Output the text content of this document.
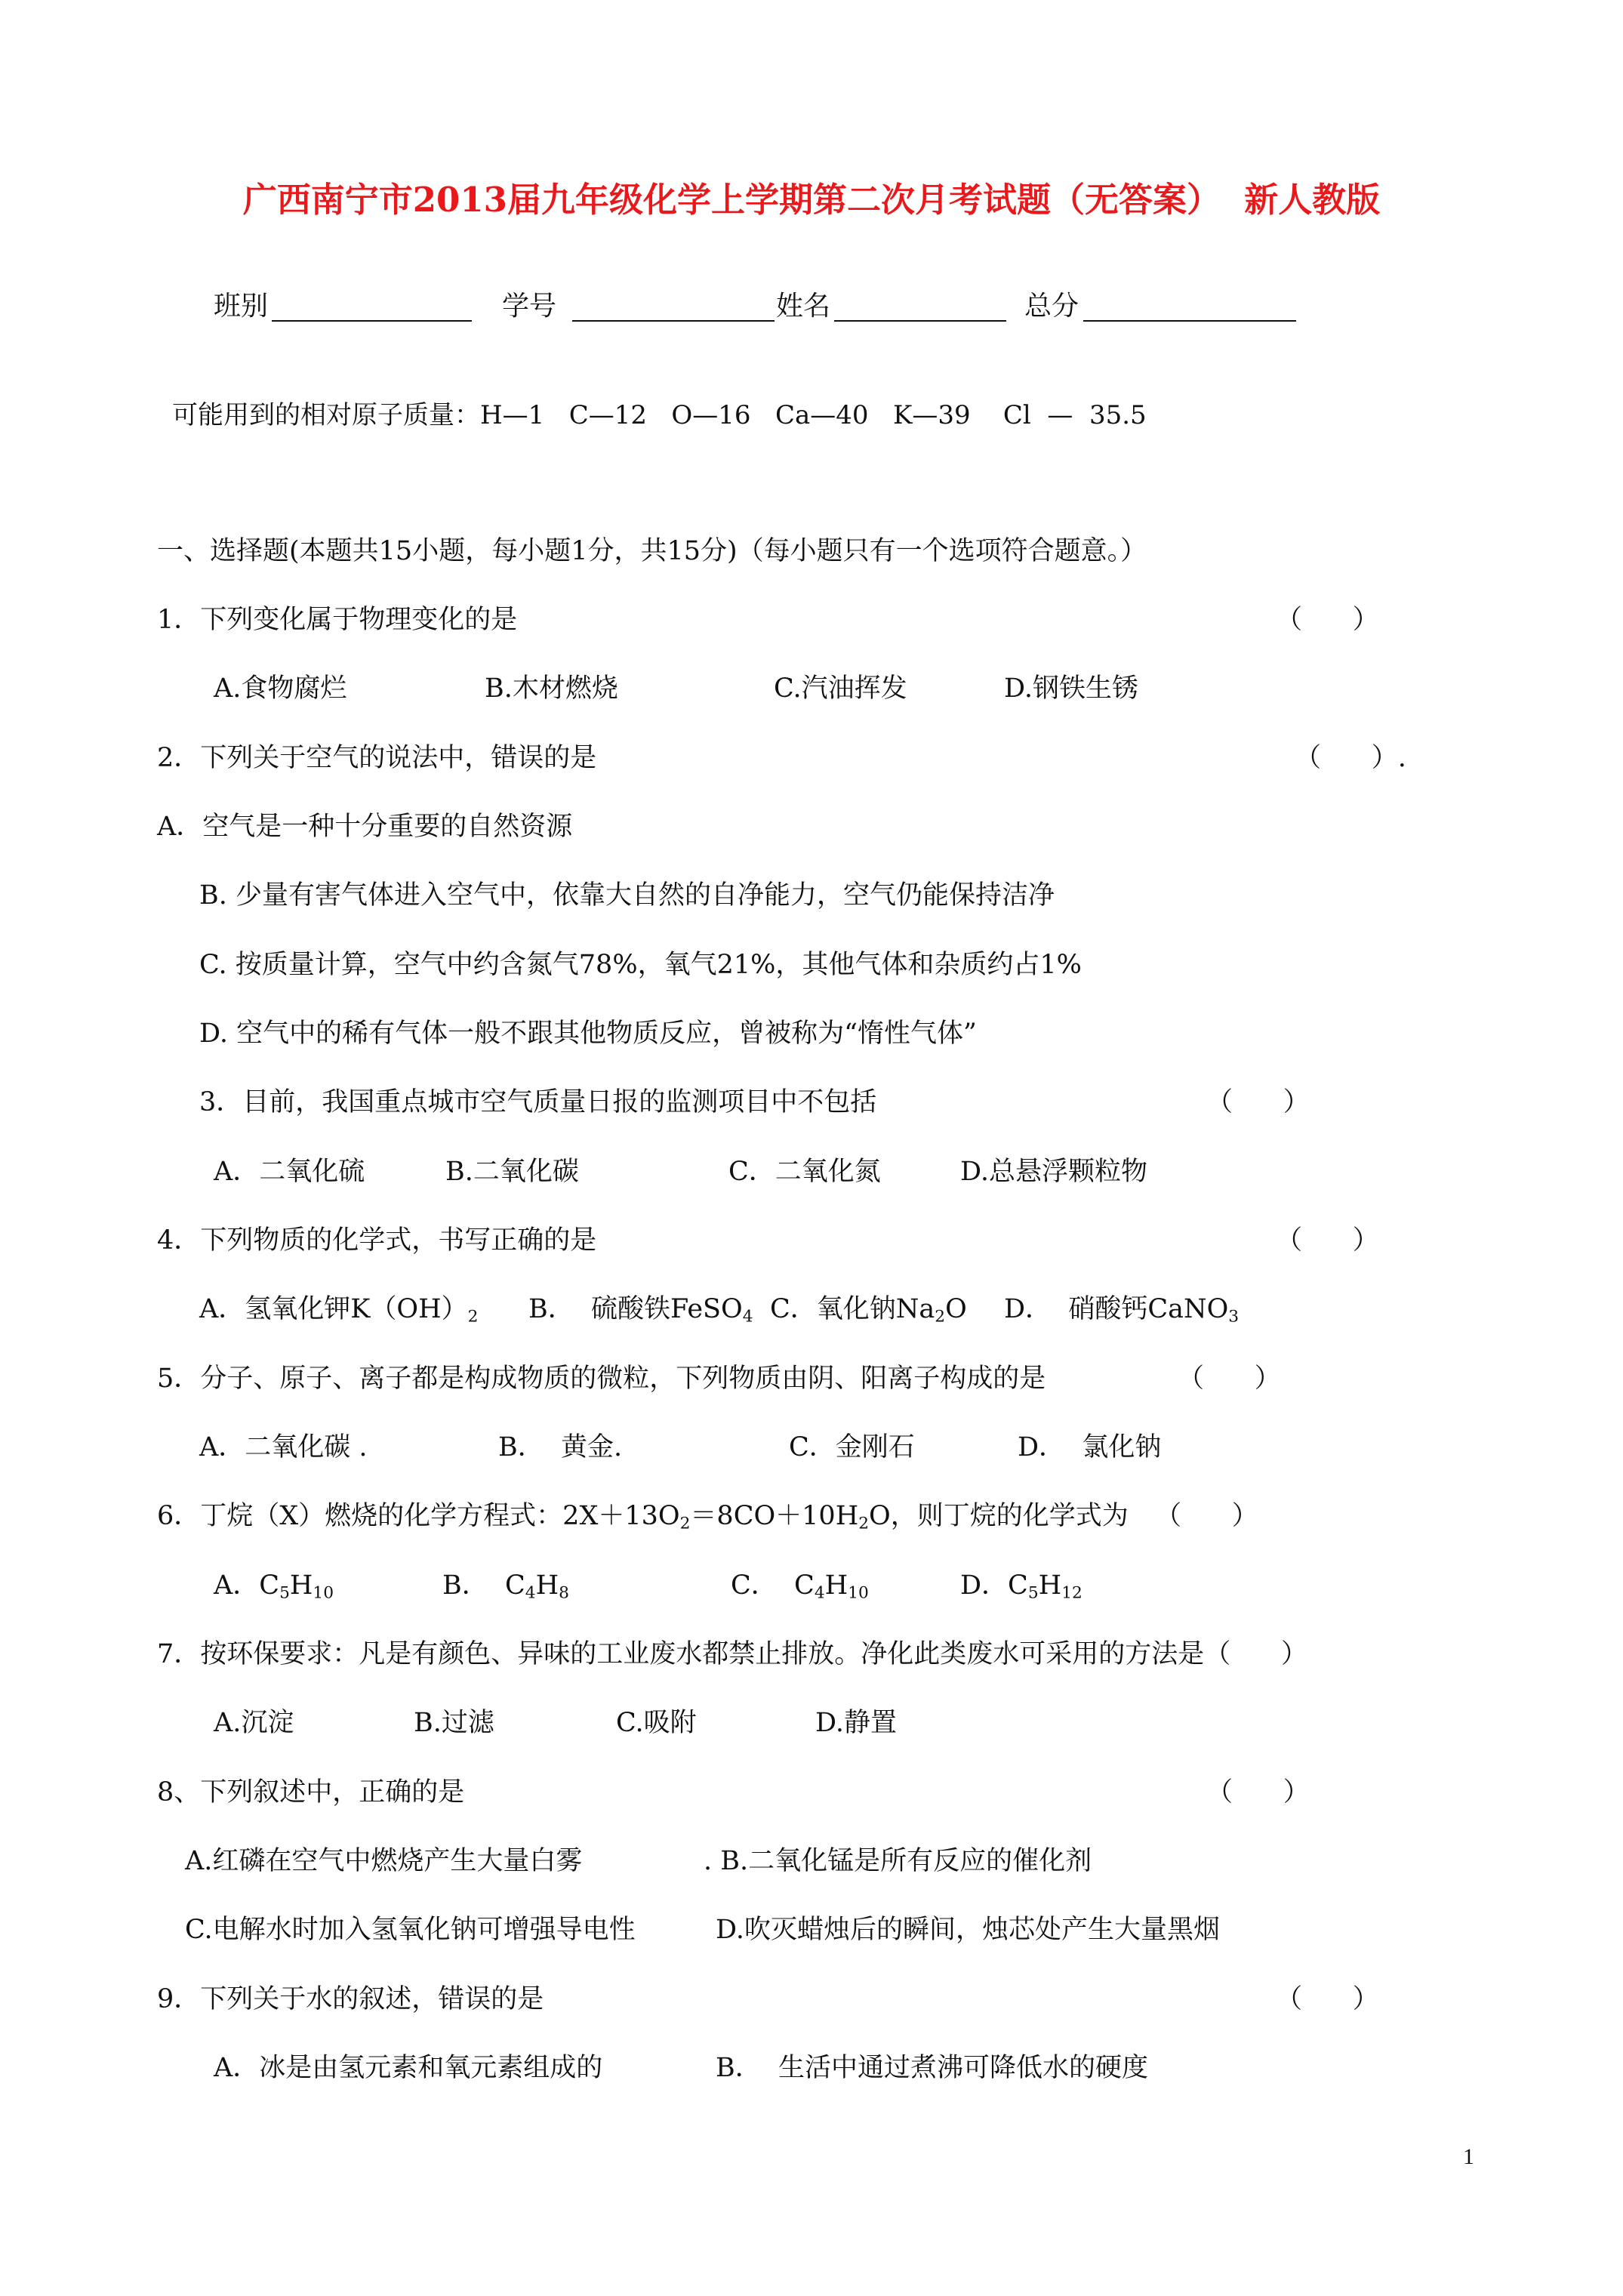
广西南宁市2013届九年级化学上学期第二次月考试题（无答案）  新人教版
班别	学号	姓名	总分
可能用到的相对原子质量：H—1   C—12   O—16   Ca—40   K—39    Cl  —  35.5
一、选择题(本题共15小题，每小题1分，共15分)（每小题只有一个选项符合题意。）
1．下列变化属于物理变化的是	（      ）
A.食物腐烂	B.木材燃烧	C.汽油挥发	D.钢铁生锈
2．下列关于空气的说法中，错误的是	（      ）.
A．空气是一种十分重要的自然资源
B. 少量有害气体进入空气中，依靠大自然的自净能力，空气仍能保持洁净
C. 按质量计算，空气中约含氮气78%，氧气21%，其他气体和杂质约占1%
D. 空气中的稀有气体一般不跟其他物质反应，曾被称为“惰性气体”
3．目前，我国重点城市空气质量日报的监测项目中不包括	（      ）
A．二氧化硫	B.二氧化碳	C．二氧化氮	D.总悬浮颗粒物
4．下列物质的化学式，书写正确的是	（      ）
A．氢氧化钾$K(OH)_2$ B．  硫酸铁FeSO$_4$ C．氧化钠$Na_2O$ D．  硝酸钙CaNO$_3$
5．分子、原子、离子都是构成物质的微粒，下列物质由阴、阳离子构成的是	（      ）
A．二氧化碳 .	B．  黄金.	C．金刚石	D．  氯化钠
6．丁烷（X）燃烧的化学方程式：$2X+13O_2=8CO+10H_2O$，则丁烷的化学式为 （      ）
A．$C_5H_{10}$	B．  $C_4H_8$	C．  $C_4H_{10}$	D．$C_5H_{12}$
7．按环保要求：凡是有颜色、异味的工业废水都禁止排放。净化此类废水可采用的方法是（      ）
A.沉淀	B.过滤	C.吸附	D.静置
8、下列叙述中，正确的是	（      ）
A.红磷在空气中燃烧产生大量白雾	. B.二氧化锰是所有反应的催化剂
C.电解水时加入氢氧化钠可增强导电性	D.吹灭蜡烛后的瞬间，烛芯处产生大量黑烟
9．下列关于水的叙述，错误的是	（      ）
A．冰是由氢元素和氧元素组成的	B．  生活中通过煮沸可降低水的硬度
1
